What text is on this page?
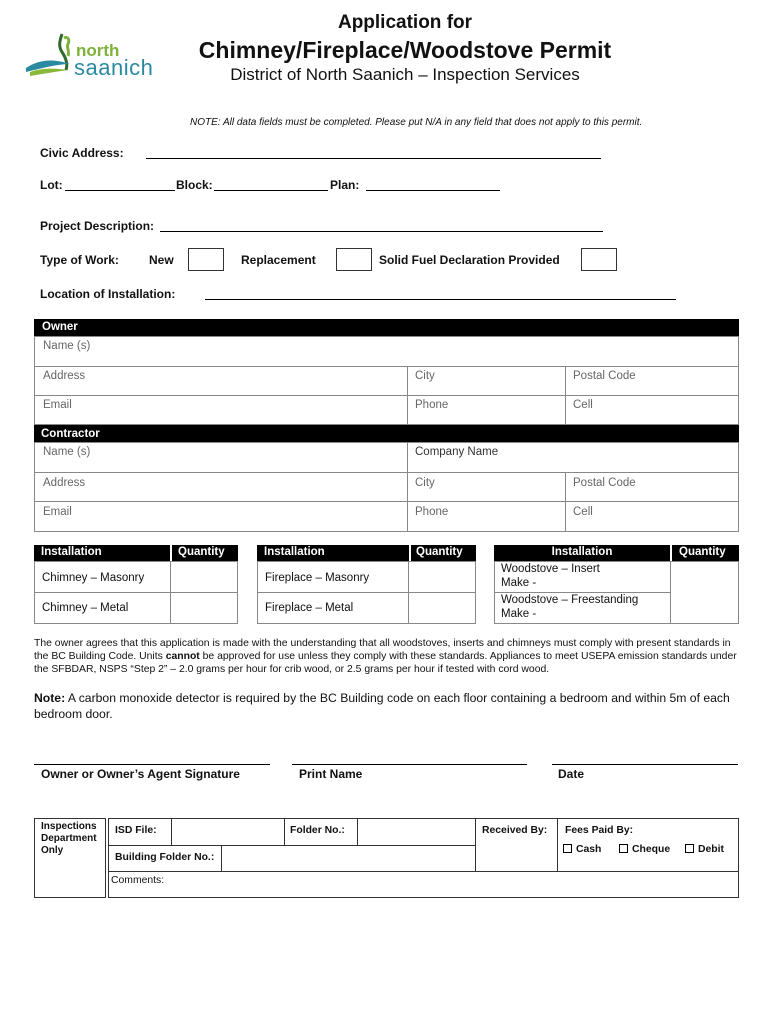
north
saanich
Application for
Chimney/Fireplace/Woodstove Permit
District of North Saanich – Inspection Services
NOTE: All data fields must be completed. Please put N/A in any field that does not apply to this permit.
Civic Address:
Lot:	Block:	Plan:
Project Description:
Type of Work:	New	Replacement	Solid Fuel Declaration Provided
Location of Installation:
Owner
Name (s)
Address	City	Postal Code
Email	Phone	Cell
Contractor
Name (s)	Company Name
Address	City	Postal Code
Email	Phone	Cell
Installation	Quantity
Chimney – Masonry
Chimney – Metal
Installation	Quantity
Fireplace – Masonry
Fireplace – Metal
Installation	Quantity
Woodstove – Insert
Make -
Woodstove – Freestanding
Make -
The owner agrees that this application is made with the understanding that all woodstoves, inserts and chimneys must comply with present standards in the BC Building Code. Units cannot be approved for use unless they comply with these standards. Appliances to meet USEPA emission standards under the SFBDAR, NSPS “Step 2” – 2.0 grams per hour for crib wood, or 2.5 grams per hour if tested with cord wood.
Note: A carbon monoxide detector is required by the BC Building code on each floor containing a bedroom and within 5m of each bedroom door.
Owner or Owner’s Agent Signature	Print Name	Date
Inspections Department Only
ISD File:	Folder No.:
Building Folder No.:
Received By: Fees Paid By:
Cash	Cheque	Debit
Comments:
